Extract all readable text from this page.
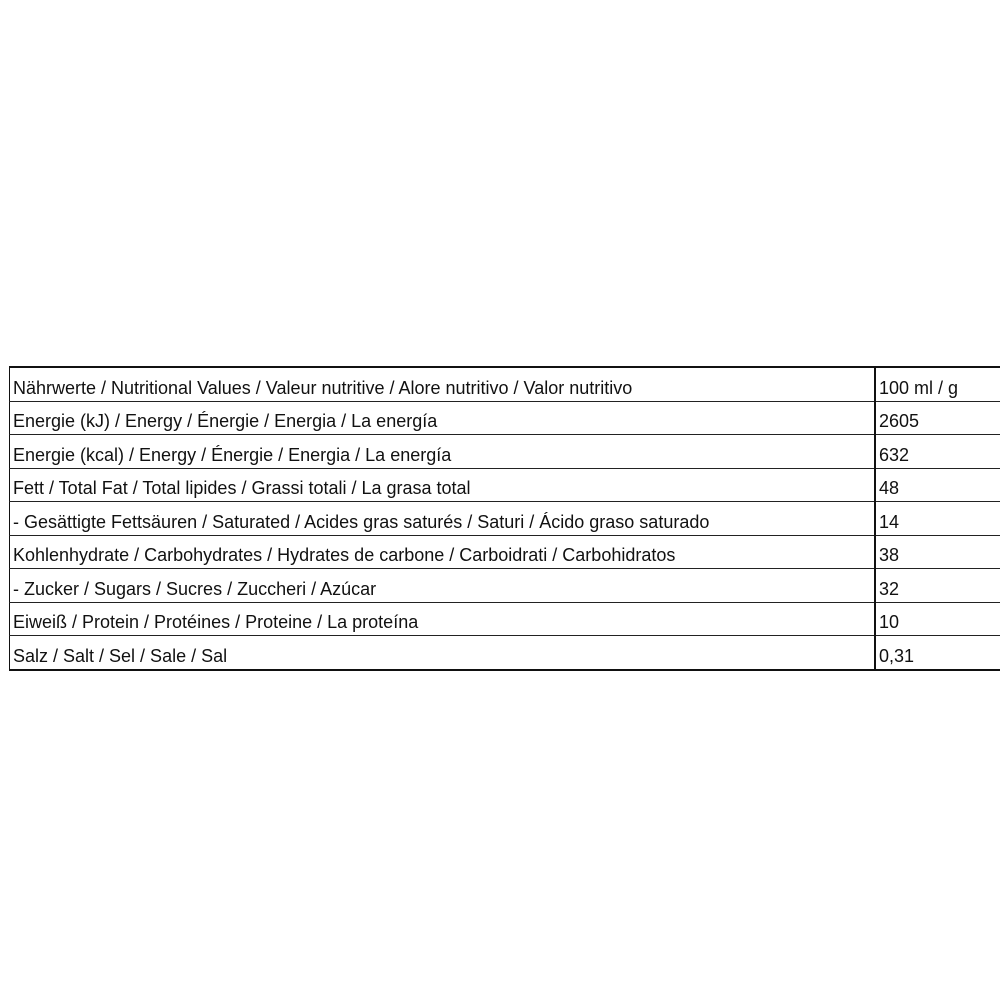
Nährwerte / Nutritional Values / Valeur nutritive / Alore nutritivo / Valor nutritivo	100 ml / g
Energie (kJ) / Energy / Énergie / Energia / La energía	2605
Energie (kcal) / Energy / Énergie / Energia / La energía	632
Fett / Total Fat / Total lipides / Grassi totali / La grasa total	48
- Gesättigte Fettsäuren / Saturated / Acides gras saturés / Saturi / Ácido graso saturado	14
Kohlenhydrate / Carbohydrates / Hydrates de carbone / Carboidrati / Carbohidratos	38
- Zucker / Sugars / Sucres / Zuccheri / Azúcar	32
Eiweiß / Protein / Protéines / Proteine / La proteína	10
Salz / Salt / Sel / Sale / Sal	0,31
